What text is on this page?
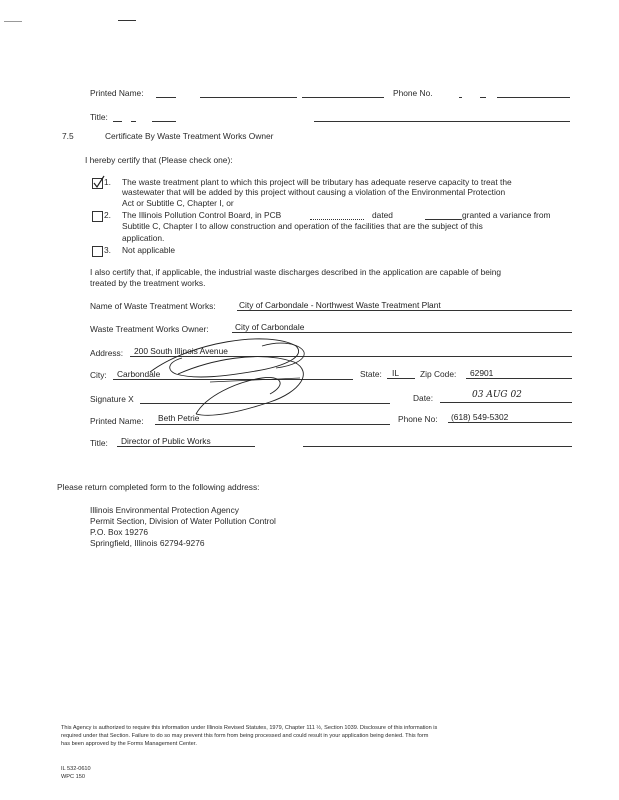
Printed Name:	Phone No.
Title:
7.5	Certificate By Waste Treatment Works Owner
I hereby certify that (Please check one):
1. The waste treatment plant to which this project will be tributary has adequate reserve capacity to treat the
wastewater that will be added by this project without causing a violation of the Environmental Protection
Act or Subtitle C, Chapter I, or
2. The Illinois Pollution Control Board, in PCB	dated	granted a variance from
Subtitle C, Chapter I to allow construction and operation of the facilities that are the subject of this
application.
3. Not applicable
I also certify that, if applicable, the industrial waste discharges described in the application are capable of being
treated by the treatment works.
Name of Waste Treatment Works:	City of Carbondale - Northwest Waste Treatment Plant
Waste Treatment Works Owner:	City of Carbondale
Address: 200 South Illinois Avenue
City: Carbondale	State: IL	Zip Code: 62901
Signature X	Date:	03 AUG 02
Printed Name: Beth Petrie	Phone No: (618) 549-5302
Title: Director of Public Works
Please return completed form to the following address:
Illinois Environmental Protection Agency
Permit Section, Division of Water Pollution Control
P.O. Box 19276
Springfield, Illinois 62794-9276
This Agency is authorized to require this information under Illinois Revised Statutes, 1979, Chapter 111 ½, Section 1039. Disclosure of this information is
required under that Section. Failure to do so may prevent this form from being processed and could result in your application being denied. This form
has been approved by the Forms Management Center.
IL 532-0610
WPC 150
